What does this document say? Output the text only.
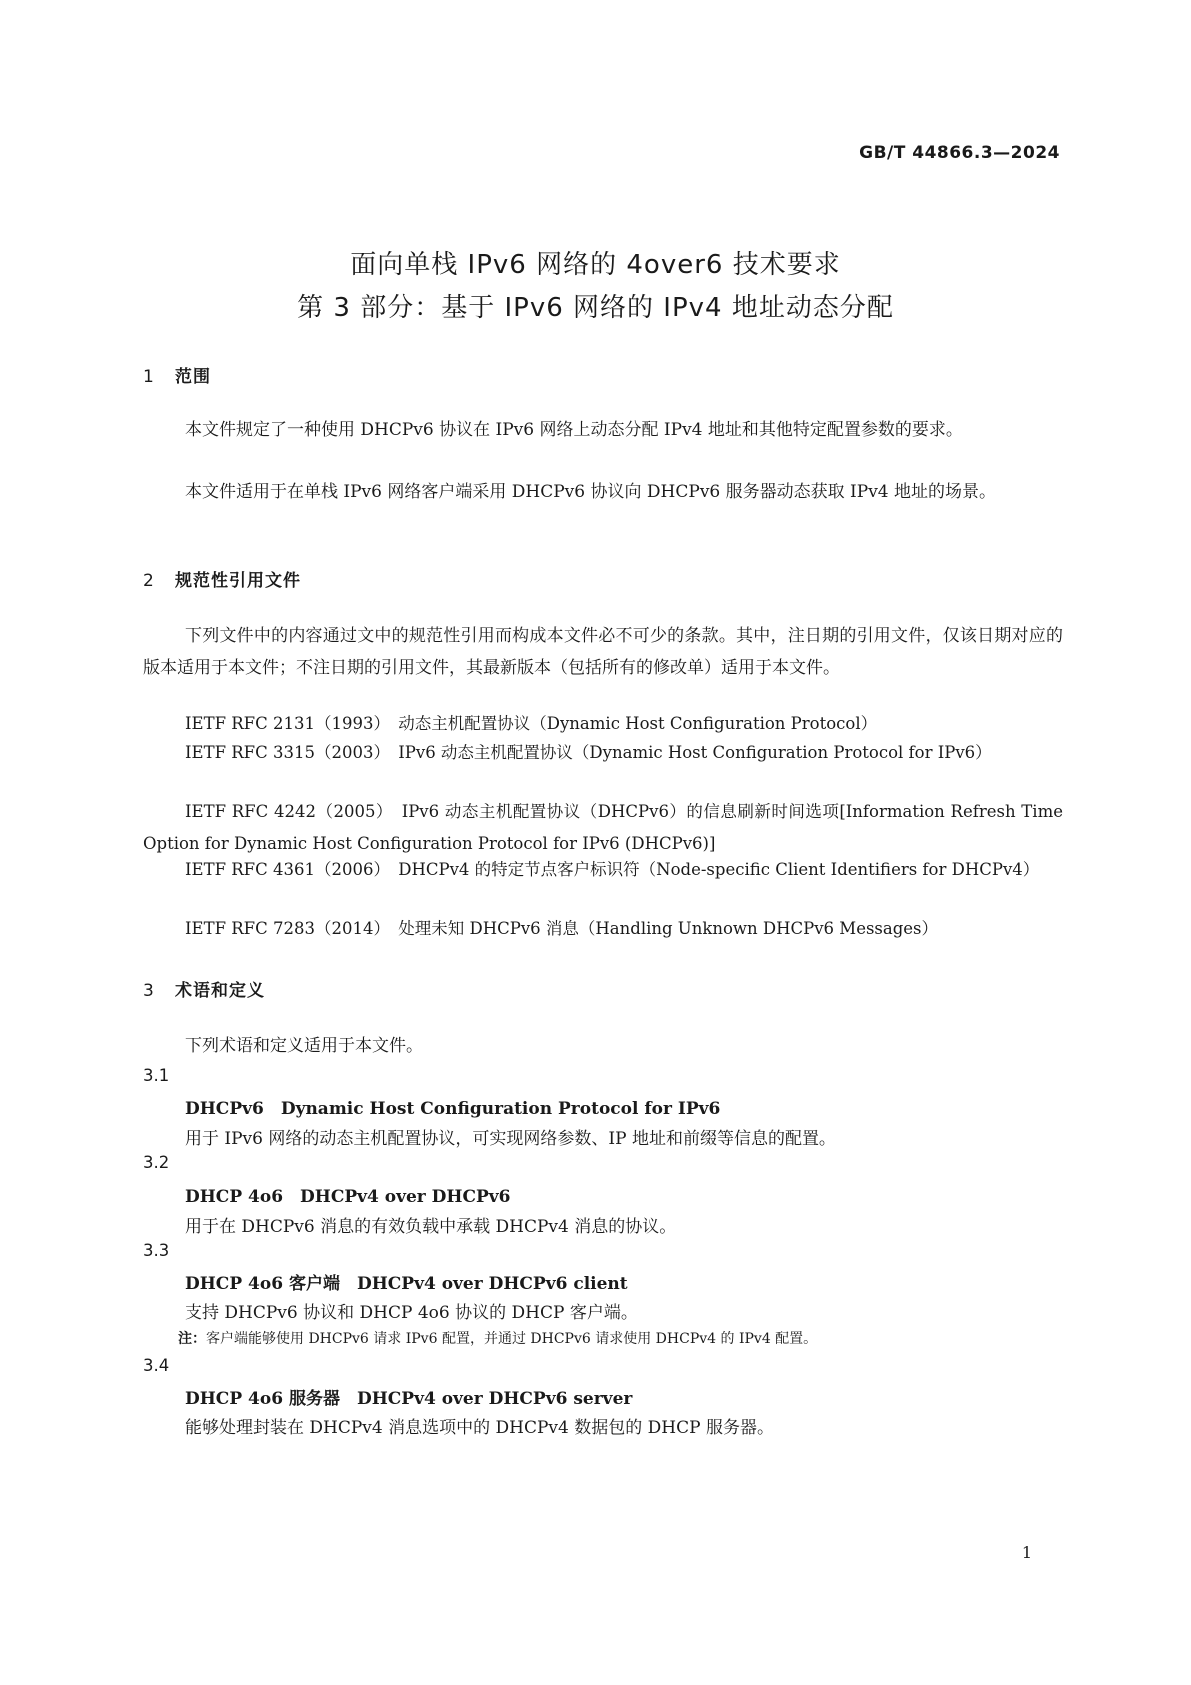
GB/T 44866.3—2024
面向单栈 IPv6 网络的 4over6 技术要求
第 3 部分：基于 IPv6 网络的 IPv4 地址动态分配
1 范围
本文件规定了一种使用 DHCPv6 协议在 IPv6 网络上动态分配 IPv4 地址和其他特定配置参数的要求。
本文件适用于在单栈 IPv6 网络客户端采用 DHCPv6 协议向 DHCPv6 服务器动态获取 IPv4 地址的场景。
2 规范性引用文件
下列文件中的内容通过文中的规范性引用而构成本文件必不可少的条款。其中，注日期的引用文件，仅该日期对应的版本适用于本文件；不注日期的引用文件，其最新版本（包括所有的修改单）适用于本文件。
IETF RFC 2131（1993）　 动态主机配置协议（Dynamic Host Configuration Protocol）
IETF RFC 3315（2003）　 IPv6 动态主机配置协议（Dynamic Host Configuration Protocol for IPv6）
IETF RFC 4242（2005）　 IPv6 动态主机配置协议（DHCPv6）的信息刷新时间选项[Information Refresh Time Option for Dynamic Host Configuration Protocol for IPv6 (DHCPv6)]
IETF RFC 4361（2006）　 DHCPv4 的特定节点客户标识符（Node-specific Client Identifiers for DHCPv4）
IETF RFC 7283（2014）　 处理未知 DHCPv6 消息（Handling Unknown DHCPv6 Messages）
3 术语和定义
下列术语和定义适用于本文件。
3.1
DHCPv6　Dynamic Host Configuration Protocol for IPv6
用于 IPv6 网络的动态主机配置协议，可实现网络参数、IP 地址和前缀等信息的配置。
3.2
DHCP 4o6　DHCPv4 over DHCPv6
用于在 DHCPv6 消息的有效负载中承载 DHCPv4 消息的协议。
3.3
DHCP 4o6 客户端　DHCPv4 over DHCPv6 client
支持 DHCPv6 协议和 DHCP 4o6 协议的 DHCP 客户端。
注：客户端能够使用 DHCPv6 请求 IPv6 配置，并通过 DHCPv6 请求使用 DHCPv4 的 IPv4 配置。
3.4
DHCP 4o6 服务器　DHCPv4 over DHCPv6 server
能够处理封装在 DHCPv4 消息选项中的 DHCPv4 数据包的 DHCP 服务器。
1
